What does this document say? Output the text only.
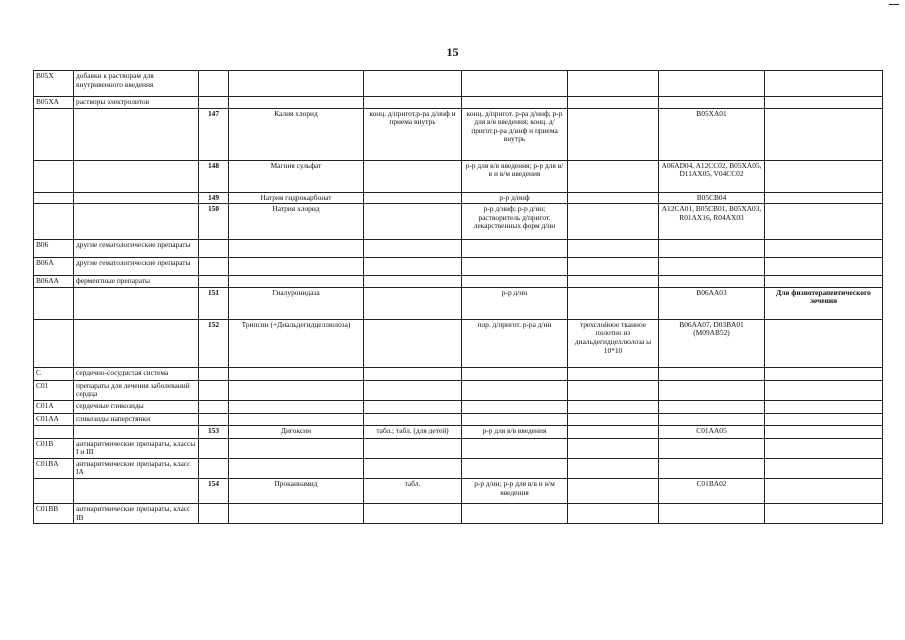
15
B05X	добавки к растворам для внутривенного введения							
B05XA	растворы электролитов							
		147	Калия хлорид	конц. д/пригот.р-ра д/инф и приема внутрь	конц. д/пригот. р-ра д/инф; р-р для в/в введения; конц. д/пригот.р-ра д/инф и приема внутрь		B05XA01	
		148	Магния сульфат		р-р для в/в введения; р-р для в/в и в/м введения		A06AD04, A12CC02, B05XA05, D11AX05, V04CC02	
		149	Натрия гидрокарбонат		р-р д/инф		B05CB04	
		150	Натрия хлорид		р-р д/инф; р-р д/ин; растворитель д/пригот. лекарственных форм д/ин		A12CA01, B05CB01, B05XA03, R01AX16, R04AX03	
B06	другие гематологические препараты							
B06A	другие гематологические препараты							
B06AA	ферментные препараты							
		151	Гиалуронидаза		р-р д/ин		B06AA03	Для физиотерапевтического лечения
		152	Трипсин (+Диальдегидцеллюлоза)		пор. д/пригот. р-ра д/ин	трехслойное тканное полотно из диальдегидцеллюлоза ы 10*10	B06AA07, D03BA01 (M09AB52)	
C	сердечно-сосудистая система							
C01	препараты для лечения заболеваний сердца							
C01A	сердечные гликозиды							
C01AA	гликозиды наперстянки							
		153	Дигоксин	табл.; табл. (для детей)	р-р для в/в введения		C01AA05	
C01B	антиаритмические препараты, классы I и III							
C01BA	антиаритмические препараты, класс IA							
		154	Прокаинамид	табл.	р-р д/ин; р-р для в/в и в/м введения		C01BA02	
C01BB	антиаритмические препараты, класс IB							
